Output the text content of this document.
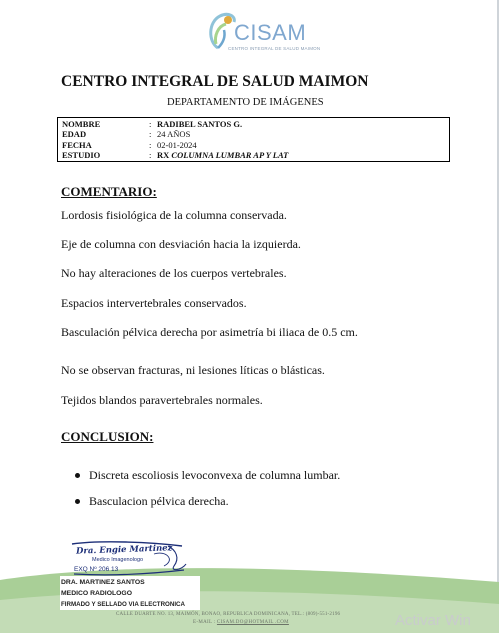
CISAM
CENTRO INTEGRAL DE SALUD MAIMON
CENTRO INTEGRAL DE SALUD MAIMON
DEPARTAMENTO DE IMÁGENES
NOMBRE	: RADIBEL SANTOS G.
EDAD	: 24 AÑOS
FECHA	: 02-01-2024
ESTUDIO	: RX COLUMNA LUMBAR AP Y LAT
COMENTARIO:
Lordosis fisiológica de la columna conservada.
Eje de columna con desviación hacia la izquierda.
No hay alteraciones de los cuerpos vertebrales.
Espacios intervertebrales conservados.
Basculación pélvica derecha por asimetría bi iliaca de 0.5 cm.
No se observan fracturas, ni lesiones líticas o blásticas.
Tejidos blandos paravertebrales normales.
CONCLUSION:
Discreta escoliosis levoconvexa de columna lumbar.
Basculacion pélvica derecha.
Dra. Engie Martinez
Medico Imagenologo
EXQ Nº 206 13
DRA. MARTINEZ SANTOS
MEDICO RADIOLOGO
FIRMADO Y SELLADO VIA ELECTRONICA
CALLE DUARTE NO. 13, MAIMÓN, BONAO, REPUBLICA DOMINICANA, TEL.: (809)-551-2196
E-MAIL : CISAM.DO@HOTMAIL .COM	Activar Win
